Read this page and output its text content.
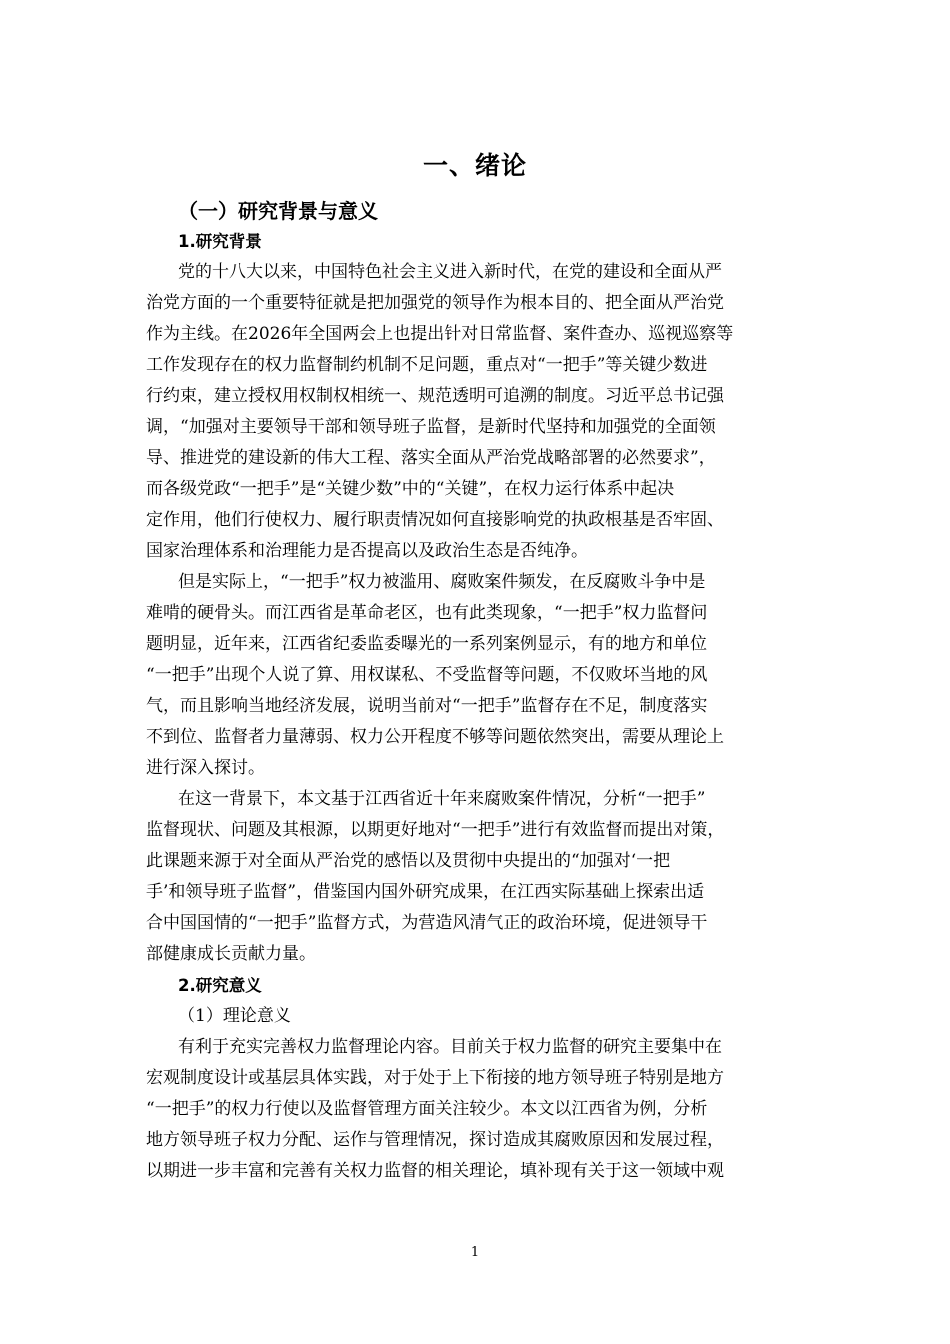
一、绪论
（一）研究背景与意义

1.研究背景

党的十八大以来，中国特色社会主义进入新时代，在党的建设和全面从严
治党方面的一个重要特征就是把加强党的领导作为根本目的、把全面从严治党
作为主线。在2026年全国两会上也提出针对日常监督、案件查办、巡视巡察等
工作发现存在的权力监督制约机制不足问题，重点对“一把手”等关键少数进
行约束，建立授权用权制权相统一、规范透明可追溯的制度。习近平总书记强
调，“加强对主要领导干部和领导班子监督，是新时代坚持和加强党的全面领
导、推进党的建设新的伟大工程、落实全面从严治党战略部署的必然要求”，
而各级党政“一把手”是“关键少数”中的“关键”，在权力运行体系中起决
定作用，他们行使权力、履行职责情况如何直接影响党的执政根基是否牢固、
国家治理体系和治理能力是否提高以及政治生态是否纯净。

但是实际上，“一把手”权力被滥用、腐败案件频发，在反腐败斗争中是
难啃的硬骨头。而江西省是革命老区，也有此类现象，“一把手”权力监督问
题明显，近年来，江西省纪委监委曝光的一系列案例显示，有的地方和单位
“一把手”出现个人说了算、用权谋私、不受监督等问题，不仅败坏当地的风
气，而且影响当地经济发展，说明当前对“一把手”监督存在不足，制度落实
不到位、监督者力量薄弱、权力公开程度不够等问题依然突出，需要从理论上
进行深入探讨。

在这一背景下，本文基于江西省近十年来腐败案件情况，分析“一把手”
监督现状、问题及其根源，以期更好地对“一把手”进行有效监督而提出对策，
此课题来源于对全面从严治党的感悟以及贯彻中央提出的“加强对‘一把
手’和领导班子监督”，借鉴国内国外研究成果，在江西实际基础上探索出适
合中国国情的“一把手”监督方式，为营造风清气正的政治环境，促进领导干
部健康成长贡献力量。

2.研究意义

（1）理论意义

有利于充实完善权力监督理论内容。目前关于权力监督的研究主要集中在
宏观制度设计或基层具体实践，对于处于上下衔接的地方领导班子特别是地方
“一把手”的权力行使以及监督管理方面关注较少。本文以江西省为例，分析
地方领导班子权力分配、运作与管理情况，探讨造成其腐败原因和发展过程，
以期进一步丰富和完善有关权力监督的相关理论，填补现有关于这一领域中观

1
